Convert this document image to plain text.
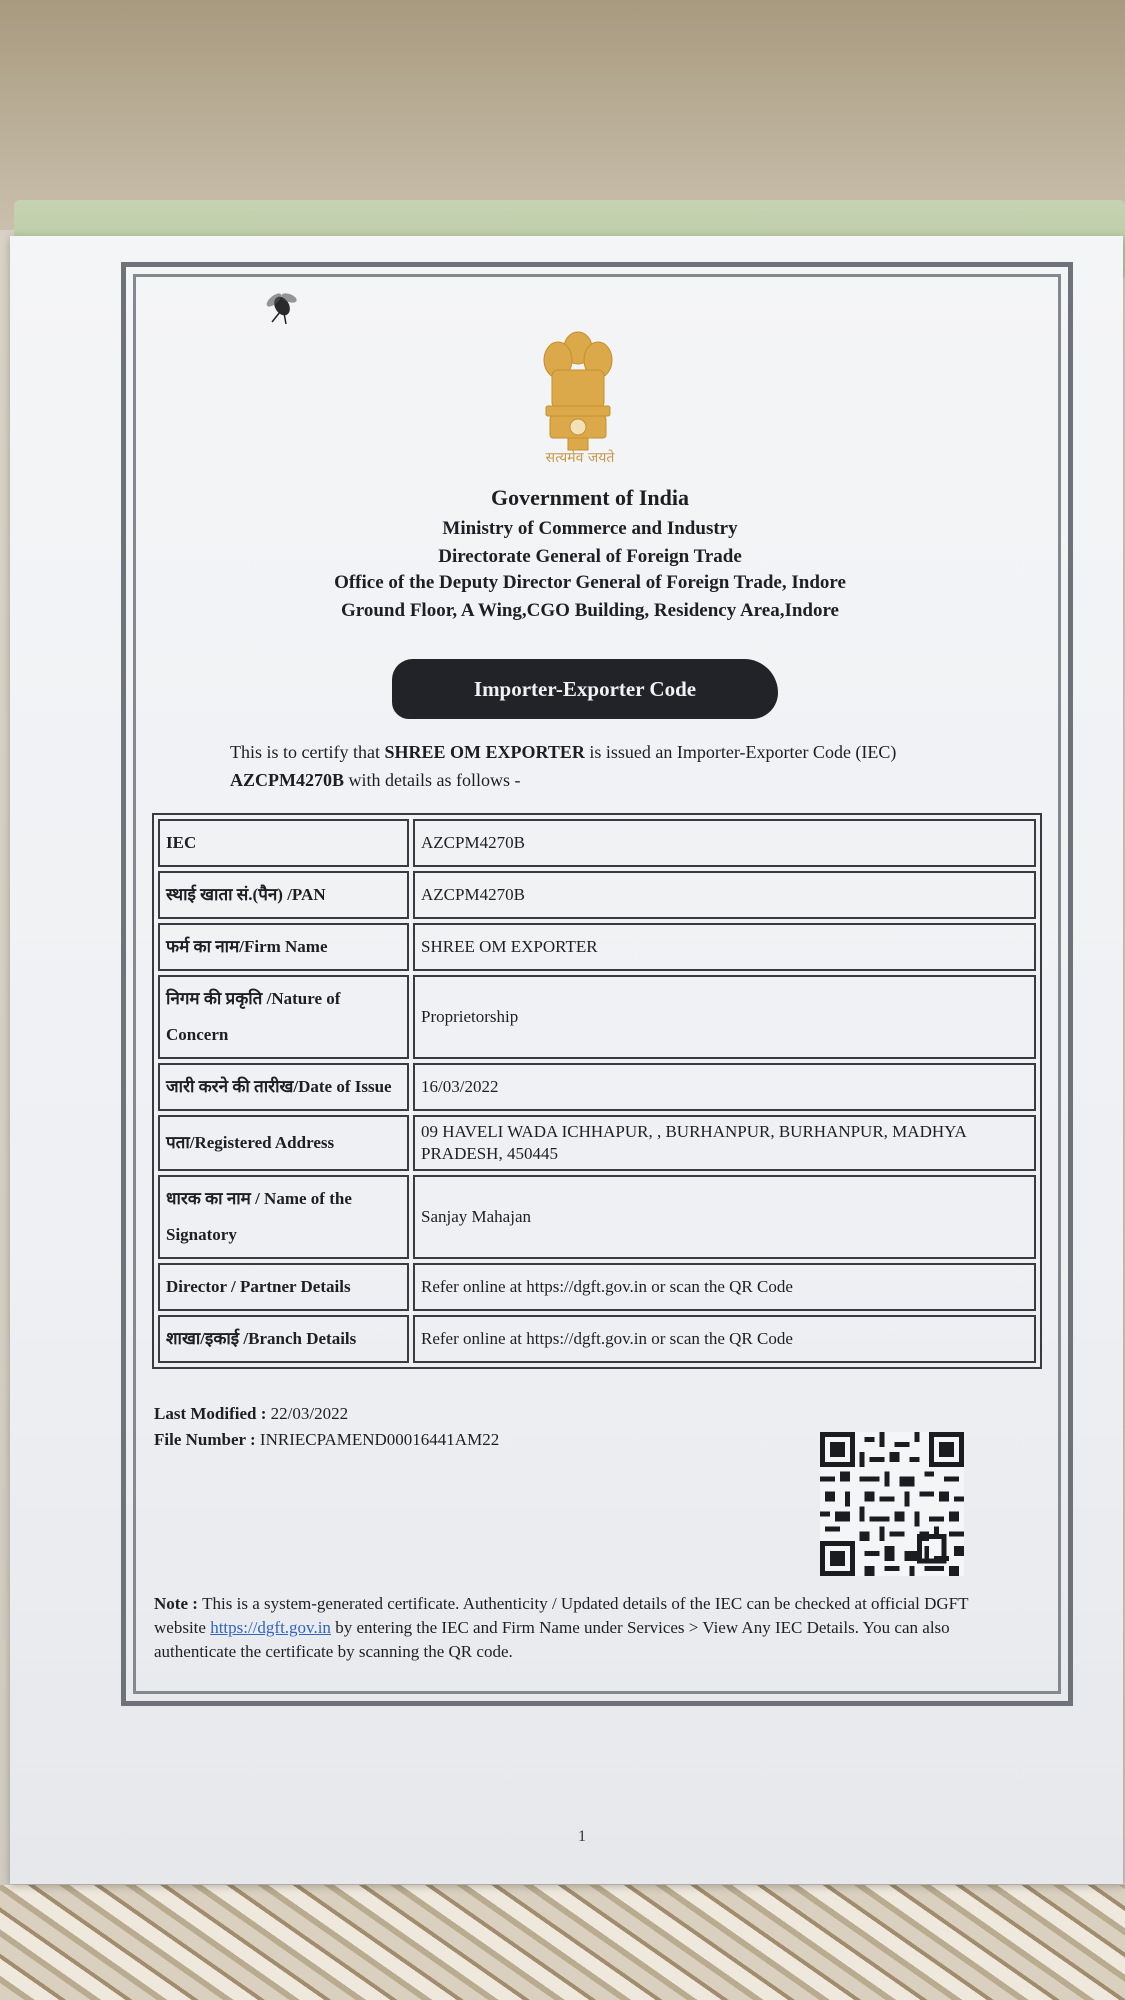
सत्यमेव जयते
Government of India
Ministry of Commerce and Industry
Directorate General of Foreign Trade
Office of the Deputy Director General of Foreign Trade, Indore
Ground Floor, A Wing,CGO Building, Residency Area,Indore
Importer-Exporter Code
This is to certify that SHREE OM EXPORTER is issued an Importer-Exporter Code (IEC) AZCPM4270B with details as follows -
IEC	AZCPM4270B
स्थाई खाता सं.(पैन) /PAN	AZCPM4270B
फर्म का नाम/Firm Name	SHREE OM EXPORTER
निगम की प्रकृति /Nature of Concern	Proprietorship
जारी करने की तारीख/Date of Issue	16/03/2022
पता/Registered Address	09 HAVELI WADA ICHHAPUR, , BURHANPUR, BURHANPUR, MADHYA PRADESH, 450445
धारक का नाम / Name of the Signatory	Sanjay Mahajan
Director / Partner Details	Refer online at https://dgft.gov.in or scan the QR Code
शाखा/इकाई /Branch Details	Refer online at https://dgft.gov.in or scan the QR Code
Last Modified : 22/03/2022
File Number : INRIECPAMEND00016441AM22
Note : This is a system-generated certificate. Authenticity / Updated details of the IEC can be checked at official DGFT website https://dgft.gov.in by entering the IEC and Firm Name under Services > View Any IEC Details. You can also authenticate the certificate by scanning the QR code.
1
